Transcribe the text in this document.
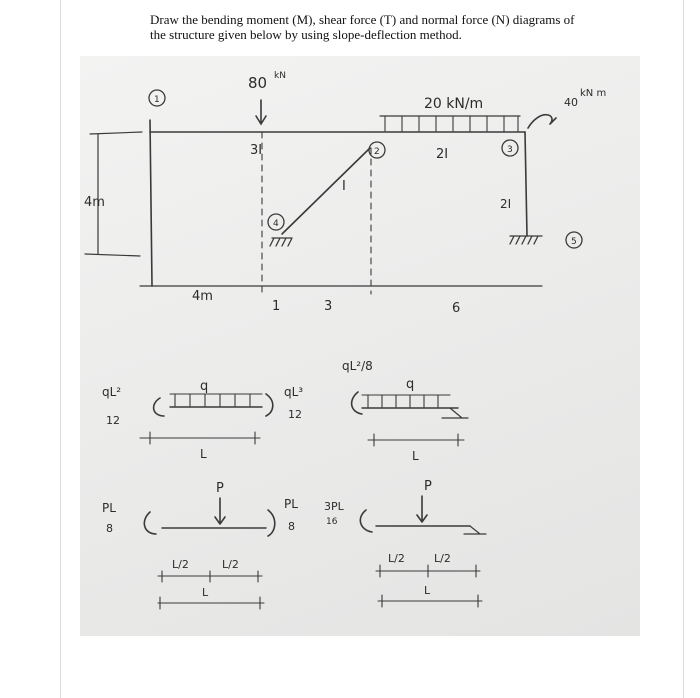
Draw the bending moment (M), shear force (T) and normal force (N) diagrams of the structure given below by using slope-deflection method.
80 kN
20 kN/m	40
kN m
4m
4m
1	3	6
3I	2I
I
2I
1
2	3
4
5
q
qL²
12
qL³
12
L
qL²/8
q
L
P
PL
8
PL
8
L/2	L/2
L
3PL
16
P
L/2	L/2
L
